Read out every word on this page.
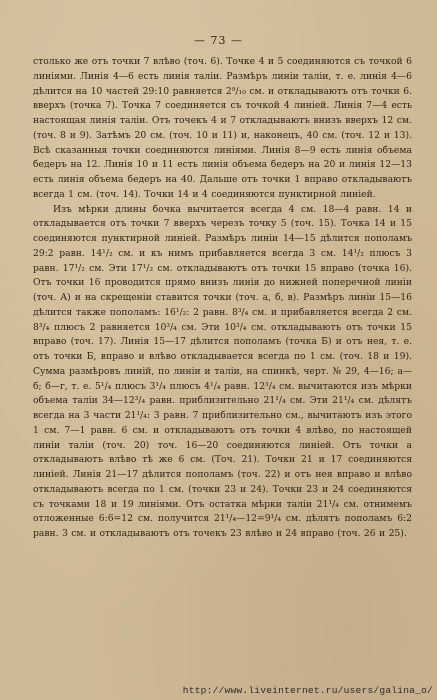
— 73 —

столько же отъ точки 7 влѣво (точ. 6). Точке 4 и 5 соединяются съ точкой 6 линіями. Линія 4—6 есть линія таліи. Размѣръ линіи таліи, т. е. линія 4—6 дѣлится на 10 частей 29:10 равняется 2⁹/₁₀ см. и откладываютъ отъ точки 6. вверхъ (точка 7). Точка 7 соединяется съ точкой 4 линіей. Линія 7—4 есть настоящая линія таліи. Отъ точекъ 4 и 7 откладываютъ внизъ вверхъ 12 см. (точ. 8 и 9). Затѣмъ 20 см. (точ. 10 и 11) и, наконецъ, 40 см. (точ. 12 и 13). Всѣ сказанныя точки соединяются линіями. Линія 8—9 есть линія объема бедеръ на 12. Линія 10 и 11 есть линія объема бедеръ на 20 и линія 12—13 есть линія объема бедеръ на 40. Дальше отъ точки 1 вправо откладываютъ всегда 1 см. (точ. 14). Точки 14 и 4 соединяются пунктирной линіей.

Изъ мѣрки длины бочка вычитается всегда 4 см. 18—4 равн. 14 и откладывается отъ точки 7 вверхъ черезъ точку 5 (точ. 15). Точка 14 и 15 соединяются пунктирной линіей. Размѣръ линіи 14—15 дѣлится пополамъ 29:2 равн. 14¹/₂ см. и къ нимъ прибавляется всегда 3 см. 14¹/₂ плюсъ 3 равн. 17¹/₂ см. Эти 17¹/₂ см. откладываютъ отъ точки 15 вправо (точка 16). Отъ точки 16 проводится прямо внизъ линія до нижней поперечной линіи (точ. А) и на скрещеніи ставится точки (точ. а, б, в). Размѣръ линіи 15—16 дѣлится также пополамъ: 16¹/₂: 2 равн. 8³/₄ см. и прибавляется всегда 2 см. 8³/₄ плюсъ 2 равняется 10³/₄ см. Эти 10³/₄ см. откладываютъ отъ точки 15 вправо (точ. 17). Линія 15—17 дѣлится пополамъ (точка Б) и отъ нея, т. е. отъ точки Б, вправо и влѣво откладывается всегда по 1 см. (точ. 18 и 19). Сумма размѣровъ линій, по линіи и таліи, на спинкѣ, черт. № 29, 4—16; а—б; б—г, т. е. 5¹/₄ плюсъ 3¹/₄ плюсъ 4¹/₄ равн. 12³/₄ см. вычитаются изъ мѣрки объема таліи 34—12³/₄ равн. приблизительно 21¹/₄ см. Эти 21¹/₄ см. дѣлятъ всегда на 3 части 21¹/₄: 3 равн. 7 приблизительно см., вычитаютъ изъ этого 1 см. 7—1 равн. 6 см. и откладываютъ отъ точки 4 влѣво, по настоящей линіи таліи (точ. 20) точ. 16—20 соединяются линіей. Отъ точки а откладываютъ влѣво тѣ же 6 см. (Точ. 21). Точки 21 и 17 соединяются линіей. Линія 21—17 дѣлится пополамъ (точ. 22) и отъ нея вправо и влѣво откладываютъ всегда по 1 см. (точки 23 и 24). Точки 23 и 24 соединяются съ точками 18 и 19 линіями. Отъ остатка мѣрки таліи 21¹/₄ см. отнимемъ отложенные 6:6=12 см. получится 21¹/₄—12=9¹/₄ см. дѣлятъ пополамъ 6:2 равн. 3 см. и откладываютъ отъ точекъ 23 влѣво и 24 вправо (точ. 26 и 25).

http://www.liveinternet.ru/users/galina_o/
